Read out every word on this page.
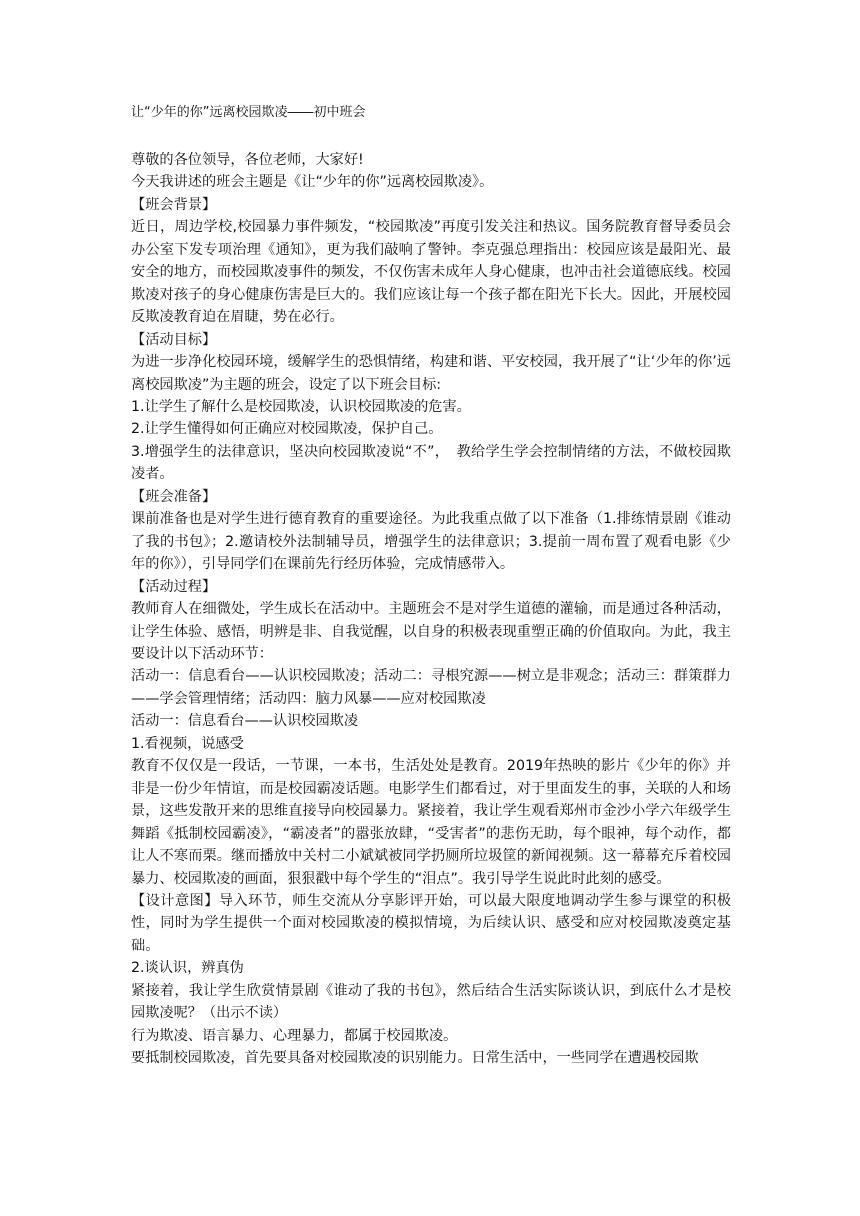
让“少年的你”远离校园欺凌――初中班会

尊敬的各位领导，各位老师，大家好!

今天我讲述的班会主题是《让“少年的你”远离校园欺凌》。

【班会背景】

近日，周边学校,校园暴力事件频发，“校园欺凌”再度引发关注和热议。国务院教育督导委员会办公室下发专项治理《通知》，更为我们敲响了警钟。李克强总理指出：校园应该是最阳光、最安全的地方，而校园欺凌事件的频发，不仅伤害未成年人身心健康，也冲击社会道德底线。校园欺凌对孩子的身心健康伤害是巨大的。我们应该让每一个孩子都在阳光下长大。因此，开展校园反欺凌教育迫在眉睫，势在必行。

【活动目标】

为进一步净化校园环境，缓解学生的恐惧情绪，构建和谐、平安校园，我开展了“让‘少年的你’远离校园欺凌”为主题的班会，设定了以下班会目标:

1.让学生了解什么是校园欺凌，认识校园欺凌的危害。

2.让学生懂得如何正确应对校园欺凌，保护自己。

3.增强学生的法律意识，坚决向校园欺凌说“不”，　教给学生学会控制情绪的方法，不做校园欺凌者。

【班会准备】

课前准备也是对学生进行德育教育的重要途径。为此我重点做了以下准备（1.排练情景剧《谁动了我的书包》；2.邀请校外法制辅导员，增强学生的法律意识；3.提前一周布置了观看电影《少年的你》），引导同学们在课前先行经历体验，完成情感带入。

【活动过程】

教师育人在细微处，学生成长在活动中。主题班会不是对学生道德的灌输，而是通过各种活动，让学生体验、感悟，明辨是非、自我觉醒，以自身的积极表现重塑正确的价值取向。为此，我主要设计以下活动环节：

活动一：信息看台——认识校园欺凌；活动二：寻根究源——树立是非观念；活动三：群策群力——学会管理情绪；活动四：脑力风暴——应对校园欺凌

活动一：信息看台——认识校园欺凌

1.看视频，说感受

教育不仅仅是一段话，一节课，一本书，生活处处是教育。2019年热映的影片《少年的你》并非是一份少年情谊，而是校园霸凌话题。电影学生们都看过，对于里面发生的事，关联的人和场景，这些发散开来的思维直接导向校园暴力。紧接着，我让学生观看郑州市金沙小学六年级学生舞蹈《抵制校园霸凌》，“霸凌者”的嚣张放肆，“受害者”的悲伤无助，每个眼神，每个动作，都让人不寒而栗。继而播放中关村二小斌斌被同学扔厕所垃圾筐的新闻视频。这一幕幕充斥着校园暴力、校园欺凌的画面，狠狠戳中每个学生的“泪点”。我引导学生说此时此刻的感受。

【设计意图】导入环节，师生交流从分享影评开始，可以最大限度地调动学生参与课堂的积极性，同时为学生提供一个面对校园欺凌的模拟情境，为后续认识、感受和应对校园欺凌奠定基础。

2.谈认识，辨真伪

紧接着，我让学生欣赏情景剧《谁动了我的书包》，然后结合生活实际谈认识，到底什么才是校园欺凌呢？（出示不读）

行为欺凌、语言暴力、心理暴力，都属于校园欺凌。

要抵制校园欺凌，首先要具备对校园欺凌的识别能力。日常生活中，一些同学在遭遇校园欺
